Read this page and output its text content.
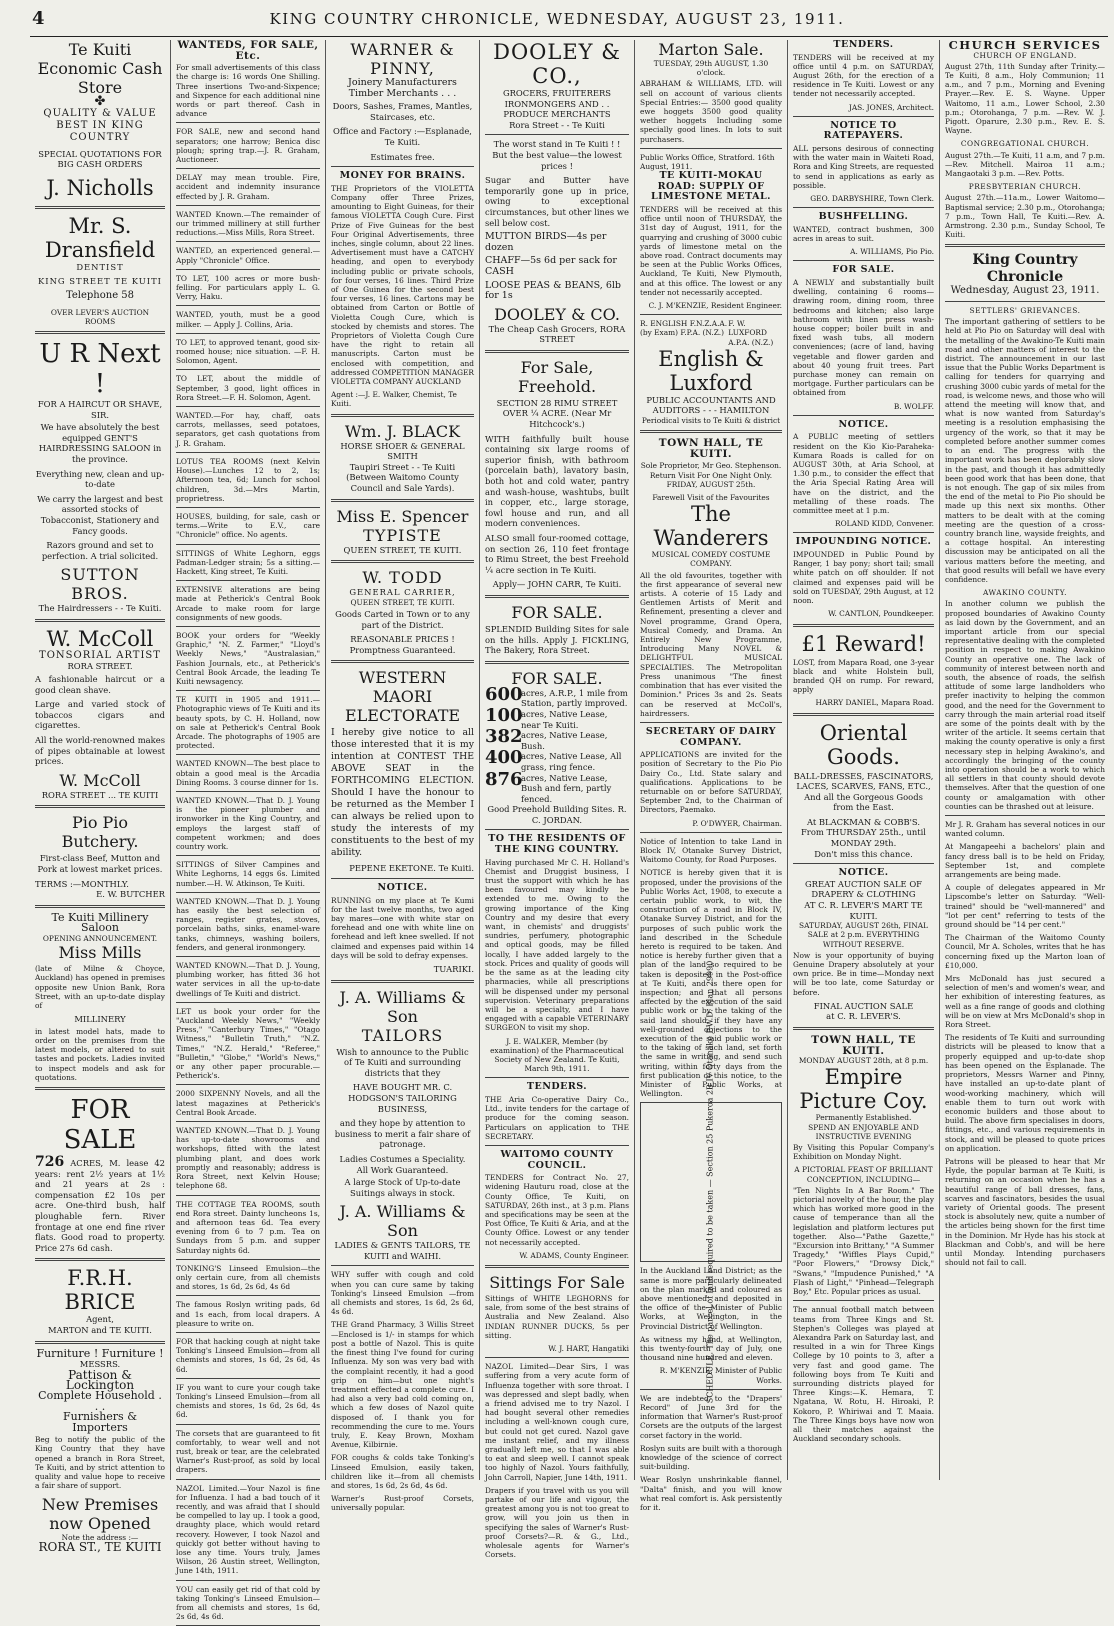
4	KING COUNTRY CHRONICLE, WEDNESDAY, AUGUST 23, 1911.
Te Kuiti Economic Cash Store
✤
QUALITY & VALUE BEST IN KING COUNTRY
SPECIAL QUOTATIONS FOR BIG CASH ORDERS
J. Nicholls
Mr. S. Dransfield
DENTIST
KING STREET TE KUITI
Telephone 58
OVER LEVER'S AUCTION ROOMS
U R Next !
FOR A HAIRCUT OR SHAVE, SIR.

We have absolutely the best equipped GENT'S HAIRDRESSING SALOON in the province.

Everything new, clean and up-to-date

We carry the largest and best assorted stocks of Tobacconist, Stationery and Fancy goods.

Razors ground and set to perfection. A trial solicited.

SUTTON BROS.
The Hairdressers - - Te Kuiti.
W. McColl
TONSORIAL ARTIST
RORA STREET.

A fashionable haircut or a good clean shave.

Large and varied stock of tobaccos cigars and cigarettes.

All the world-renowned makes of pipes obtainable at lowest prices.

W. McColl
RORA STREET ... TE KUITI
Pio Pio Butchery.

First-class Beef, Mutton and Pork at lowest market prices.

TERMS :—MONTHLY.
E. W. BUTCHER
Te Kuiti Millinery Saloon
OPENING ANNOUNCEMENT.
Miss Mills

(late of Milne & Choyce, Auckland) has opened in premises opposite new Union Bank, Rora Street, with an up-to-date display of

MILLINERY

in latest model hats, made to order on the premises from the latest models, or altered to suit tastes and pockets. Ladies invited to inspect models and ask for quotations.

FOR SALE

726 ACRES, M. lease 42 years: rent 2½ years at 1½ and 21 years at 2s : compensation £2 10s per acre. One-third bush, half ploughable fern. River frontage at one end fine river flats. Good road to property. Price 27s 6d cash.

F.R.H. BRICE
Agent,
MARTON and TE KUITI.
Furniture ! Furniture !
MESSRS.
Pattison & Lockington
Complete Household . . .
Furnishers & Importers

Beg to notify the public of the King Country that they have opened a branch in Rora Street, Te Kuiti, and by strict attention to quality and value hope to receive a fair share of support.

New Premises now Opened
Note the address :—
RORA ST., TE KUITI
WANTEDS, FOR SALE, Etc.

For small advertisements of this class the charge is: 16 words One Shilling. Three insertions Two-and-Sixpence; and Sixpence for each additional nine words or part thereof. Cash in advance

FOR SALE, new and second hand separators; one harrow; Benica disc plough; spring trap.—J. R. Graham, Auctioneer.

DELAY may mean trouble. Fire, accident and indemnity insurance effected by J. R. Graham.

WANTED Known.—The remainder of our trimmed millinery at still further reductions.—Miss Mills, Rora Street.

WANTED, an experienced general.—Apply "Chronicle" Office.

TO LET, 100 acres or more bush-felling. For particulars apply L. G. Verry, Haku.

WANTED, youth, must be a good milker. — Apply J. Collins, Aria.

TO LET, to approved tenant, good six-roomed house; nice situation. —F. H. Solomon, Agent.

TO LET, about the middle of September, 3 good, light offices in Rora Street.—F. H. Solomon, Agent.

WANTED.—For hay, chaff, oats carrots, mellasses, seed potatoes, separators, get cash quotations from J. R. Graham.

LOTUS TEA ROOMS (next Kelvin House).—Lunches 12 to 2, 1s; Afternoon tea, 6d; Lunch for school children, 3d.—Mrs Martin, proprietress.

HOUSES, building, for sale, cash or terms.—Write to E.V., care "Chronicle" office. No agents.

SITTINGS of White Leghorn, eggs Padman-Ledger strain; 5s a sitting.—Hackett, King street, Te Kuiti.

EXTENSIVE alterations are being made at Petherick's Central Book Arcade to make room for large consignments of new goods.

BOOK your orders for "Weekly Graphic," "N. Z. Farmer," "Lloyd's Weekly News," "Australasian," Fashion Journals, etc., at Petherick's Central Book Arcade, the leading Te Kuiti newsagency.

TE KUITI in 1905 and 1911.—Photographic views of Te Kuiti and its beauty spots, by C. H. Holland, now on sale at Petherick's Central Book Arcade. The photographs of 1905 are protected.

WANTED KNOWN—The best place to obtain a good meal is the Arcadia Dining Rooms. 3 course dinner for 1s.

WANTED KNOWN.—That D. J. Young is the pioneer plumber and ironworker in the King Country, and employs the largest staff of competent workmen; and does country work.

SITTINGS of Silver Campines and White Leghorns, 14 eggs 6s. Limited number.—H. W. Atkinson, Te Kuiti.

WANTED KNOWN.—That D. J. Young has easily the best selection of ranges, register grates, stoves, porcelain baths, sinks, enamel-ware tanks, chimneys, washing boilers, fenders, and general ironmongery.

WANTED KNOWN.—That D. J. Young, plumbing worker, has fitted 36 hot water services in all the up-to-date dwellings of Te Kuiti and district.

LET us book your order for the "Auckland Weekly News," "Weekly Press," "Canterbury Times," "Otago Witness," "Bulletin Truth," "N.Z. Times," "N.Z. Herald," "Referee," "Bulletin," "Globe," "World's News," or any other paper procurable.—Petherick's.

2000 SIXPENNY Novels, and all the latest magazines at Petherick's Central Book Arcade.

WANTED KNOWN.—That D. J. Young has up-to-date showrooms and workshops, fitted with the latest plumbing plant, and does work promptly and reasonably; address is Rora Street, next Kelvin House; telephone 68.

THE COTTAGE TEA ROOMS, south end Rora street. Dainty luncheons 1s, and afternoon teas 6d. Tea every evening from 6 to 7 p.m. Tea on Sundays from 5 p.m. and supper Saturday nights 6d.

TONKING'S Linseed Emulsion—the only certain cure, from all chemists and stores, 1s 6d, 2s 6d, 4s 6d

The famous Roslyn writing pads, 6d and 1s each, from local drapers. A pleasure to write on.

FOR that hacking cough at night take Tonking's Linseed Emulsion—from all chemists and stores, 1s 6d, 2s 6d, 4s 6d.

IF you want to cure your cough take Tonking's Linseed Emulsion—from all chemists and stores, 1s 6d, 2s 6d, 4s 6d.

The corsets that are guaranteed to fit comfortably, to wear well and not rust, break or tear, are the celebrated Warner's Rust-proof, as sold by local drapers.

NAZOL Limited.—Your Nazol is fine for Influenza. I had a bad touch of it recently, and was afraid that I should be compelled to lay up. I took a good, draughty place, which would retard recovery. However, I took Nazol and quickly got better without having to lose any time. Yours truly, James Wilson, 26 Austin street, Wellington, June 14th, 1911.

YOU can easily get rid of that cold by taking Tonking's Linseed Emulsion—from all chemists and stores, 1s 6d, 2s 6d, 4s 6d.

WARNER & PINNY,
Joinery Manufacturers Timber Merchants . . .

Doors, Sashes, Frames, Mantles, Staircases, etc.

Office and Factory :—Esplanade, Te Kuiti.

Estimates free.
MONEY FOR BRAINS.

THE Proprietors of the VIOLETTA Company offer Three Prizes, amounting to Eight Guineas, for their famous VIOLETTA Cough Cure. First Prize of Five Guineas for the best Four Original Advertisements, three inches, single column, about 22 lines. Advertisement must have a CATCHY heading, and open to everybody including public or private schools, for four verses, 16 lines. Third Prize of One Guinea for the second best four verses, 16 lines. Cartons may be obtained from Carton or Bottle of Violetta Cough Cure, which is stocked by chemists and stores. The Proprietors of Violetta Cough Cure have the right to retain all manuscripts. Carton must be enclosed with competition, and addressed COMPETITION MANAGER VIOLETTA COMPANY AUCKLAND

Agent :—J. E. Walker, Chemist, Te Kuiti.
Wm. J. BLACK
HORSE SHOER & GENERAL SMITH
Taupiri Street - - Te Kuiti (Between Waitomo County Council and Sale Yards).
Miss E. Spencer
TYPISTE
QUEEN STREET, TE KUITI.
W. TODD
GENERAL CARRIER,
QUEEN STREET, TE KUITI.

Goods Carted in Town or to any part of the District.

REASONABLE PRICES ! Promptness Guaranteed.
WESTERN MAORI ELECTORATE

I hereby give notice to all those interested that it is my intention at CONTEST THE ABOVE SEAT in the FORTHCOMING ELECTION. Should I have the honour to be returned as the Member I can always be relied upon to study the interests of my constituents to the best of my ability.

PEPENE EKETONE. Te Kuiti.
NOTICE.

RUNNING on my place at Te Kumi for the last twelve months, two aged bay mares—one with white star on forehead and one with white line on forehead and left knee swelled. If not claimed and expenses paid within 14 days will be sold to defray expenses.

TUARIKI.
J. A. Williams & Son
TAILORS

Wish to announce to the Public of Te Kuiti and surrounding districts that they

HAVE BOUGHT MR. C. HODGSON'S TAILORING BUSINESS,

and they hope by attention to business to merit a fair share of patronage.

Ladies Costumes a Speciality.
All Work Guaranteed.

A large Stock of Up-to-date Suitings always in stock.

J. A. Williams & Son
LADIES & GENTS TAILORS, TE KUITI and WAIHI.

WHY suffer with cough and cold when you can cure same by taking Tonking's Linseed Emulsion —from all chemists and stores, 1s 6d, 2s 6d, 4s 6d.

THE Grand Pharmacy, 3 Willis Street—Enclosed is 1/- in stamps for which post a bottle of Nazol. This is quite the finest thing I've found for curing Influenza. My son was very bad with the complaint recently, it had a good grip on him—but one night's treatment effected a complete cure. I had also a very bad cold coming on, which a few doses of Nazol quite disposed of. I thank you for recommending the cure to me. Yours truly, E. Keay Brown, Moxham Avenue, Kilbirnie.

FOR coughs & colds take Tonking's Linseed Emulsion, easily taken, children like it—from all chemists and stores, 1s 6d, 2s 6d, 4s 6d.

Warner's Rust-proof Corsets, universally popular.

DOOLEY & CO.,
GROCERS, FRUITERERS IRONMONGERS AND . . PRODUCE MERCHANTS
Rora Street - - Te Kuiti

The worst stand in Te Kuiti ! ! But the best value—the lowest prices !

Sugar and Butter have temporarily gone up in price, owing to exceptional circumstances, but other lines we sell below cost.

MUTTON BIRDS—4s per dozen
CHAFF—5s 6d per sack for CASH
LOOSE PEAS & BEANS, 6lb for 1s
DOOLEY & CO.
The Cheap Cash Grocers, RORA STREET
For Sale, Freehold.

SECTION 28 RIMU STREET OVER ¼ ACRE. (Near Mr Hitchcock's.)

WITH faithfully built house containing six large rooms of superior finish, with bathroom (porcelain bath), lavatory basin, both hot and cold water, pantry and wash-house, washtubs, built in copper, etc., large storage, fowl house and run, and all modern conveniences.

ALSO small four-roomed cottage, on section 26, 110 feet frontage to Rimu Street, the best Freehold ¼ acre section in Te Kuiti.

Apply— JOHN CARR, Te Kuiti.
FOR SALE.

SPLENDID Building Sites for sale on the hills. Apply J. FICKLING, The Bakery, Rora Street.

FOR SALE.
600
acres, A.R.P., 1 mile from Station, partly improved.
100
acres, Native Lease, near Te Kuiti.
382
acres, Native Lease, Bush.
400
acres, Native Lease, All grass, ring fence.
876
acres, Native Lease, Bush and fern, partly fenced.
Good Preehold Building Sites. R. C. JORDAN.
TO THE RESIDENTS OF THE KING COUNTRY.

Having purchased Mr C. H. Holland's Chemist and Druggist business, I trust the support with which he has been favoured may kindly be extended to me. Owing to the growing importance of the King Country and my desire that every want, in chemists' and druggists' sundries, perfumery, photographic and optical goods, may be filled locally, I have added largely to the stock. Prices and quality of goods will be the same as at the leading city pharmacies, while all prescriptions will be dispensed under my personal supervision. Veterinary preparations will be a specialty, and I have engaged with a capable VETERINARY SURGEON to visit my shop.

J. E. WALKER, Member (by examination) of the Pharmaceutical Society of New Zealand. Te Kuiti, March 9th, 1911.

TENDERS.

THE Aria Co-operative Dairy Co., Ltd., invite tenders for the cartage of produce for the coming season. Particulars on application to THE SECRETARY.

WAITOMO COUNTY COUNCIL.

TENDERS for Contract No. 27, widening Hauturu road, close at the County Office, Te Kuiti, on SATURDAY, 26th inst., at 3 p.m. Plans and specifications may be seen at the Post Office, Te Kuiti & Aria, and at the County Office. Lowest or any tender not necessarily accepted.

W. ADAMS, County Engineer.
Sittings For Sale

Sittings of WHITE LEGHORNS for sale, from some of the best strains of Australia and New Zealand. Also INDIAN RUNNER DUCKS, 5s per sitting.

W. J. HART, Hangatiki

NAZOL Limited—Dear Sirs, I was suffering from a very acute form of Influenza together with sore throat. I was depressed and slept badly, when a friend advised me to try Nazol. I had bought several other remedies including a well-known cough cure, but could not get cured. Nazol gave me instant relief, and my illness gradually left me, so that I was able to eat and sleep well. I cannot speak too highly of Nazol. Yours faithfully, John Carroll, Napier, June 14th, 1911.

Drapers if you travel with us you will partake of our life and vigour, the greatest among you is not too great to grow, will you join us then in specifying the sales of Warner's Rust-proof Corsets?—R. & G., Ltd., wholesale agents for Warner's Corsets.

Marton Sale.
TUESDAY, 29th AUGUST, 1.30 o'clock.

ABRAHAM & WILLIAMS, LTD. will sell on account of various clients Special Entries:— 3500 good quality ewe hoggets 3500 good quality wether hoggets Including some specially good lines. In lots to suit purchasers.

Public Works Office, Stratford. 16th August, 1911.
TE KUITI-MOKAU ROAD: SUPPLY OF LIMESTONE METAL.

TENDERS will be received at this office until noon of THURSDAY, the 31st day of August, 1911, for the quarrying and crushing of 3000 cubic yards of limestone metal on the above road. Contract documents may be seen at the Public Works Offices, Auckland, Te Kuiti, New Plymouth, and at this office. The lowest or any tender not necessarily accepted.

C. J. M'KENZIE, Resident Engineer.
R. ENGLISH F.N.Z.A.A. (by Exam) F.P.A. (N.Z.)
F. W. LUXFORD A.P.A. (N.Z.)
English & Luxford
PUBLIC ACCOUNTANTS AND AUDITORS - - - HAMILTON
Periodical visits to Te Kuiti & district
TOWN HALL, TE KUITI.

Sole Proprietor, Mr Geo. Stephenson. Return Visit For One Night Only. FRIDAY, AUGUST 25th.

Farewell Visit of the Favourites
The Wanderers
MUSICAL COMEDY COSTUME COMPANY.

All the old favourites, together with the first appearance of several new artists. A coterie of 15 Lady and Gentlemen Artists of Merit and Refinement, presenting a clever and Novel programme, Grand Opera, Musical Comedy, and Drama. An Entirely New Programme, Introducing Many NOVEL & DELIGHTFUL MUSICAL SPECIALTIES. The Metropolitan Press unanimous "The finest combination that has ever visited the Dominion." Prices 3s and 2s. Seats can be reserved at McColl's, hairdressers.

SECRETARY OF DAIRY COMPANY.

APPLICATIONS are invited for the position of Secretary to the Pio Pio Dairy Co., Ltd. State salary and qualifications. Applications to be returnable on or before SATURDAY, September 2nd, to the Chairman of Directors, Paemako.

P. O'DWYER, Chairman.

Notice of Intention to take Land in Block IV, Otanake Survey District, Waitomo County, for Road Purposes.

NOTICE is hereby given that it is proposed, under the provisions of the Public Works Act, 1908, to execute a certain public work, to wit, the construction of a road in Block IV, Otanake Survey District, and for the purposes of such public work the land described in the Schedule hereto is required to be taken. And notice is hereby further given that a plan of the land so required to be taken is deposited in the Post-office at Te Kuiti, and is there open for inspection; and that all persons affected by the execution of the said public work or by the taking of the said land should, if they have any well-grounded objections to the execution of the said public work or to the taking of such land, set forth the same in writing, and send such writing, within forty days from the first publication of this notice, to the Minister of Public Works, at Wellington.	SCHEDULE. The parcel of land required to be taken — Section 25 Pukeroa 2B IV Otanake P.W.D. Plan 29990

In the Auckland Land District; as the same is more particularly delineated on the plan marked and coloured as above mentioned, and deposited in the office of the Minister of Public Works, at Wellington, in the Provincial District of Wellington.

As witness my hand, at Wellington, this twenty-fourth day of July, one thousand nine hundred and eleven.

R. M'KENZIE, Minister of Public Works.

We are indebted to the "Drapers' Record" of June 3rd for the information that Warner's Rust-proof Corsets are the outputs of the largest corset factory in the world.

Roslyn suits are built with a thorough knowledge of the science of correct suit-building.

Wear Roslyn unshrinkable flannel, "Dalta" finish, and you will know what real comfort is. Ask persistently for it.

TENDERS.

TENDERS will be received at my office until 4 p.m. on SATURDAY, August 26th, for the erection of a residence in Te Kuiti. Lowest or any tender not necessarily accepted.

JAS. JONES, Architect.
NOTICE TO RATEPAYERS.

ALL persons desirous of connecting with the water main in Waiteti Road, Rora and King Streets, are requested to send in applications as early as possible.

GEO. DARBYSHIRE, Town Clerk.
BUSHFELLING.

WANTED, contract bushmen, 300 acres in areas to suit.

A. WILLIAMS, Pio Pio.
FOR SALE.

A NEWLY and substantially built dwelling, containing 6 rooms—drawing room, dining room, three bedrooms and kitchen; also large bathroom with linen press wash-house copper; boiler built in and fixed wash tubs, all modern conveniences; (acre of land, having vegetable and flower garden and about 40 young fruit trees. Part purchase money can remain on mortgage. Further particulars can be obtained from

B. WOLFF.
NOTICE.

A PUBLIC meeting of settlers resident on the Kio Kio-Paraheka-Kumara Roads is called for on AUGUST 30th, at Aria School, at 1.30 p.m., to consider the effect that the Aria Special Rating Area will have on the district, and the metalling of these roads. The committee meet at 1 p.m.

ROLAND KIDD, Convener.
IMPOUNDING NOTICE.

IMPOUNDED in Public Pound by Ranger, 1 bay pony; short tail; small white patch on off shoulder. If not claimed and expenses paid will be sold on TUESDAY, 29th August, at 12 noon.

W. CANTLON, Poundkeeper.
£1 Reward!

LOST, from Mapara Road, one 3-year black and white Holstein bull, branded QH on rump. For reward, apply

HARRY DANIEL, Mapara Road.
Oriental Goods.

BALL-DRESSES, FASCINATORS, LACES, SCARVES, FANS, ETC., And all the Gorgeous Goods from the East.

At BLACKMAN & COBB'S.
From THURSDAY 25th., until MONDAY 29th.
Don't miss this chance.
NOTICE.
GREAT AUCTION SALE OF DRAPERY & CLOTHING
AT C. R. LEVER'S MART TE KUITI.
SATURDAY, AUGUST 26th, FINAL SALE at 2 p.m. EVERYTHING WITHOUT RESERVE.

Now is your opportunity of buying Genuine Drapery absolutely at your own price. Be in time—Monday next will be too late, come Saturday or before.

FINAL AUCTION SALE
at C. R. LEVER'S.
TOWN HALL, TE KUITI.
MONDAY AUGUST 28th, at 8 p.m.
Empire Picture Coy.
Permanently Established.
SPEND AN ENJOYABLE AND INSTRUCTIVE EVENING

By Visiting this Popular Company's Exhibition on Monday Night.

A PICTORIAL FEAST OF BRILLIANT CONCEPTION, INCLUDING—

"Ten Nights In A Bar Room." The pictorial novelty of the hour, the play which has worked more good in the cause of temperance than all the legislation and platform lectures put together. Also—"Pathe Gazette," "Excursion into Brittany," "A Summer Tragedy," "Wiffles Plays Cupid," "Poor Flowers," "Drowsy Dick," "Swans," "Impudence Punished," "A Flash of Light," "Pinhead—Telegraph Boy," Etc. Popular prices as usual.

The annual football match between teams from Three Kings and St. Stephen's Colleges was played at Alexandra Park on Saturday last, and resulted in a win for Three Kings College by 10 points to 3, after a very fast and good game. The following boys from Te Kuiti and surrounding districts played for Three Kings:—K. Hemara, T. Ngatana, W. Rotu, H. Hiroaki, P. Kokoro, P. Whiriwai and T. Maaia. The Three Kings boys have now won all their matches against the Auckland secondary schools.

CHURCH SERVICES
CHURCH OF ENGLAND.

August 27th, 11th Sunday after Trinity.—Te Kuiti, 8 a.m., Holy Communion; 11 a.m., and 7 p.m., Morning and Evening Prayer.—Rev. E. S. Wayne. Upper Waitomo, 11 a.m., Lower School, 2.30 p.m.; Otorohanga, 7 p.m. —Rev. W. J. Pigott. Oparure, 2.30 p.m., Rev. E. S. Wayne.

CONGREGATIONAL CHURCH.

August 27th.—Te Kuiti, 11 a.m, and 7 p.m.—Rev. Mitchell. Mairoa 11 a.m.; Mangaotaki 3 p.m. —Rev. Potts.

PRESBYTERIAN CHURCH.

August 27th.—11a.m., Lower Waitomo—Baptismal service; 2.30 p.m., Otorohanga; 7 p.m., Town Hall, Te Kuiti.—Rev. A. Armstrong. 2.30 p.m., Sunday School, Te Kuiti.

King Country Chronicle
Wednesday, August 23, 1911.
SETTLERS' GRIEVANCES.

The important gathering of settlers to be held at Pio Pio on Saturday will deal with the metalling of the Awakino-Te Kuiti main road and other matters of interest to the district. The announcement in our last issue that the Public Works Department is calling for tenders for quarrying and crushing 3000 cubic yards of metal for the road, is welcome news, and those who will attend the meeting will know that, and what is now wanted from Saturday's meeting is a resolution emphasising the urgency of the work, so that it may be completed before another summer comes to an end. The progress with the important work has been deplorably slow in the past, and though it has admittedly been good work that has been done, that is not enough. The gap of six miles from the end of the metal to Pio Pio should be made up this next six months. Other matters to be dealt with at the coming meeting are the question of a cross-country branch line, wayside freights, and a cottage hospital. An interesting discussion may be anticipated on all the various matters before the meeting, and that good results will befall we have every confidence.

AWAKINO COUNTY.

In another column we publish the proposed boundaries of Awakino County as laid down by the Government, and an important article from our special representative dealing with the completed position in respect to making Awakino County an operative one. The lack of community of interest between north and south, the absence of roads, the selfish attitude of some large landholders who prefer inactivity to helping the common good, and the need for the Government to carry through the main arterial road itself are some of the points dealt with by the writer of the article. It seems certain that making the county operative is only a first necessary step in helping Awakino's, and accordingly the bringing of the county into operation should be a work to which all settlers in that county should devote themselves. After that the question of one county or amalgamation with other counties can be thrashed out at leisure.

Mr J. R. Graham has several notices in our wanted column.

At Mangapeehi a bachelors' plain and fancy dress ball is to be held on Friday, September 1st, and complete arrangements are being made.

A couple of delegates appeared in Mr Lipscombe's letter on Saturday. "Well-trained" should be "well-mannered" and "lot per cent" referring to tests of the ground should be "14 per cent."

The Chairman of the Waitomo County Council, Mr A. Scholes, writes that he has concerning fixed up the Marton loan of £10,000.

Mrs McDonald has just secured a selection of men's and women's wear, and her exhibition of interesting features, as well as a fine range of goods and clothing will be on view at Mrs McDonald's shop in Rora Street.

The residents of Te Kuiti and surrounding districts will be pleased to know that a properly equipped and up-to-date shop has been opened on the Esplanade. The proprietors, Messrs Warner and Pinny, have installed an up-to-date plant of wood-working machinery, which will enable them to turn out work with economic builders and those about to build. The above firm specialises in doors, fittings, etc., and various requirements in stock, and will be pleased to quote prices on application.

Patrons will be pleased to hear that Mr Hyde, the popular barman at Te Kuiti, is returning on an occasion when he has a beautiful range of ball dresses, fans, scarves and fascinators, besides the usual variety of Oriental goods. The present stock is absolutely new, quite a number of the articles being shown for the first time in the Dominion. Mr Hyde has his stock at Blackman and Cobb's, and will be here until Monday. Intending purchasers should not fail to call.
